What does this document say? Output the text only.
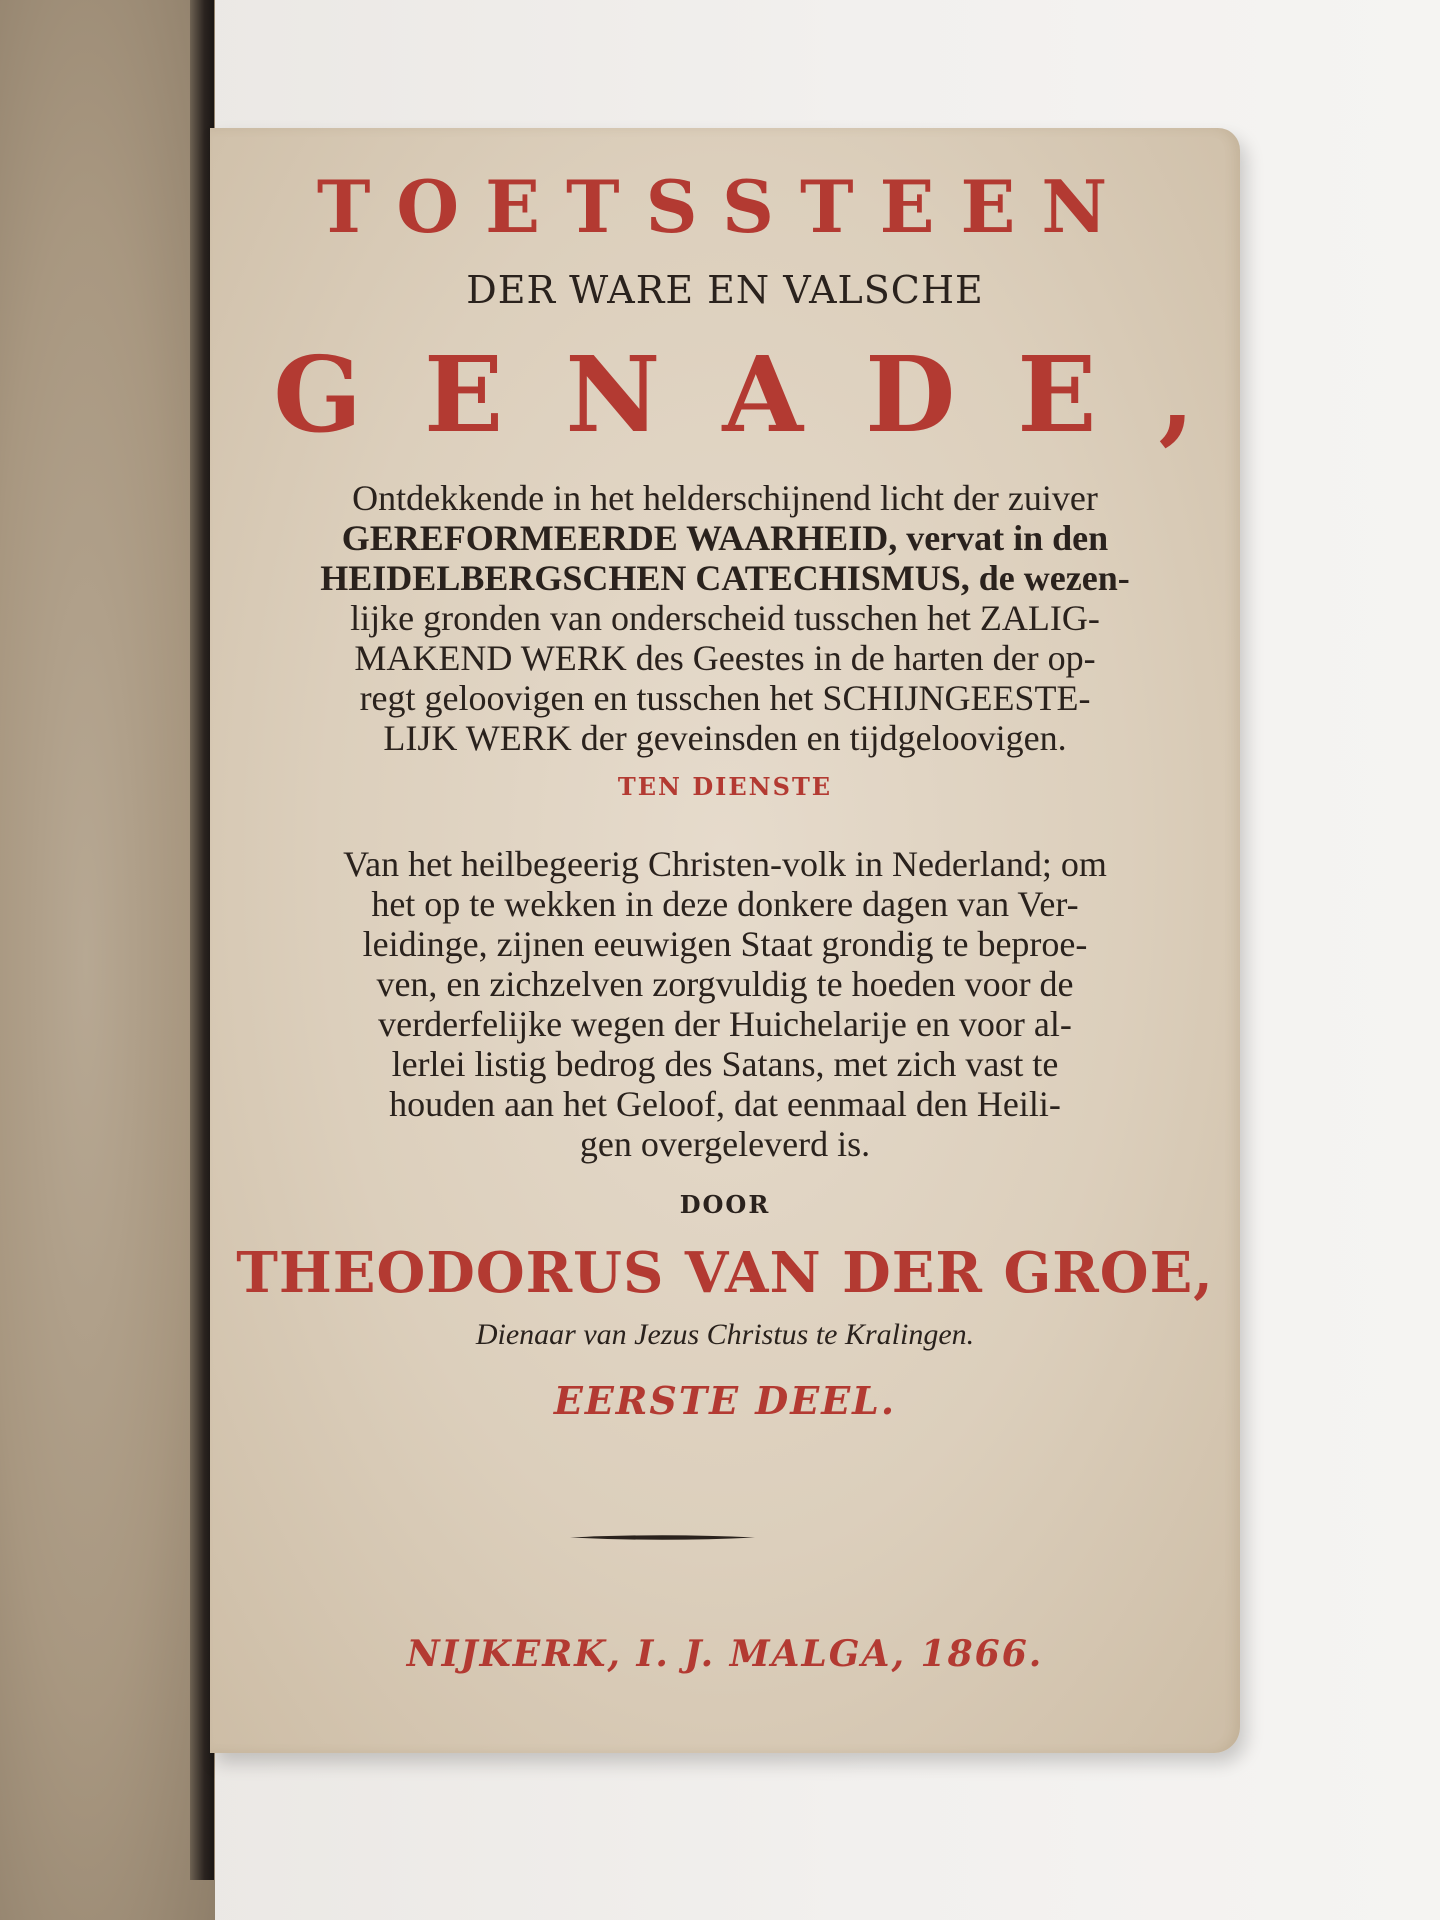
TOETSSTEEN

DER WARE EN VALSCHE

GENADE,

Ontdekkende in het helderschijnend licht der zuiver

GEREFORMEERDE WAARHEID, vervat in den

HEIDELBERGSCHEN CATECHISMUS, de wezen-

lijke gronden van onderscheid tusschen het ZALIG-

MAKEND WERK des Geestes in de harten der op-

regt geloovigen en tusschen het SCHIJNGEESTE-

LIJK WERK der geveinsden en tijdgeloovigen.

TEN DIENSTE

Van het heilbegeerig Christen-volk in Nederland; om

het op te wekken in deze donkere dagen van Ver-

leidinge, zijnen eeuwigen Staat grondig te beproe-

ven, en zichzelven zorgvuldig te hoeden voor de

verderfelijke wegen der Huichelarije en voor al-

lerlei listig bedrog des Satans, met zich vast te

houden aan het Geloof, dat eenmaal den Heili-

gen overgeleverd is.

DOOR

THEODORUS VAN DER GROE,

Dienaar van Jezus Christus te Kralingen.

EERSTE DEEL.

NIJKERK, I. J. MALGA, 1866.
